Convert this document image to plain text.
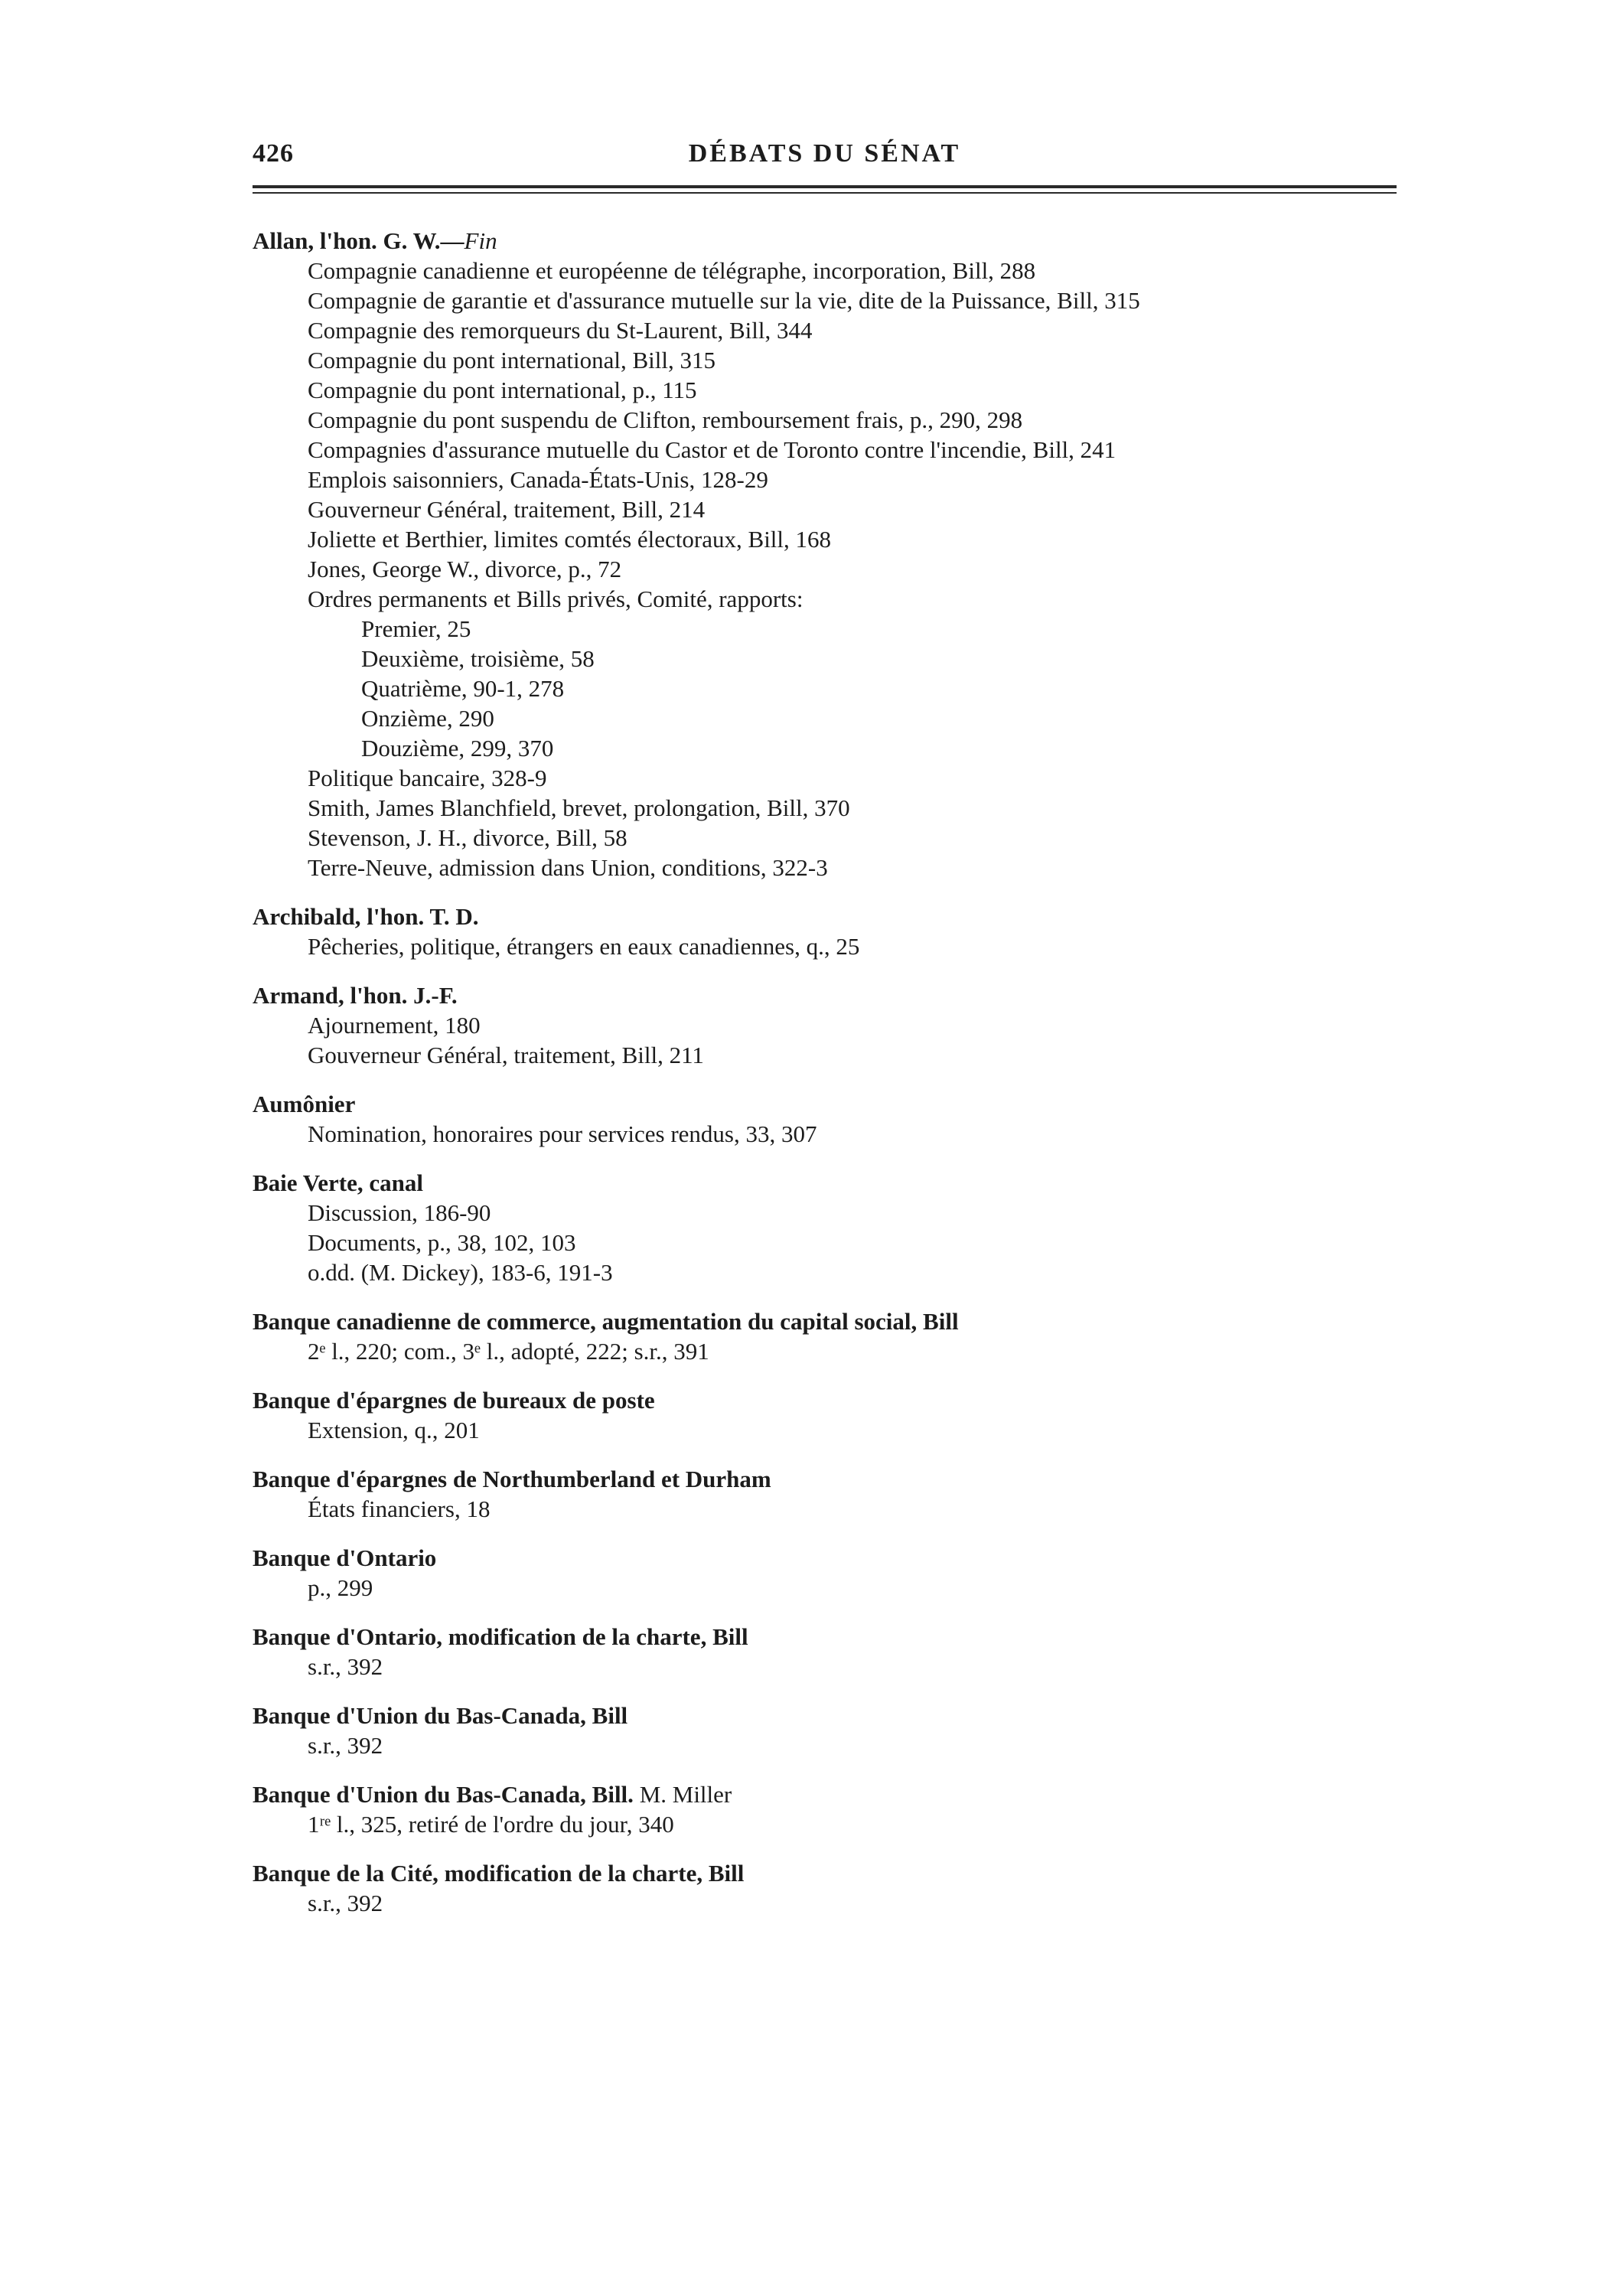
426	DÉBATS DU SÉNAT
Allan, l'hon. G. W.—Fin
Compagnie canadienne et européenne de télégraphe, incorporation, Bill, 288
Compagnie de garantie et d'assurance mutuelle sur la vie, dite de la Puissance, Bill, 315
Compagnie des remorqueurs du St-Laurent, Bill, 344
Compagnie du pont international, Bill, 315
Compagnie du pont international, p., 115
Compagnie du pont suspendu de Clifton, remboursement frais, p., 290, 298
Compagnies d'assurance mutuelle du Castor et de Toronto contre l'incendie, Bill, 241
Emplois saisonniers, Canada-États-Unis, 128-29
Gouverneur Général, traitement, Bill, 214
Joliette et Berthier, limites comtés électoraux, Bill, 168
Jones, George W., divorce, p., 72
Ordres permanents et Bills privés, Comité, rapports:
Premier, 25
Deuxième, troisième, 58
Quatrième, 90-1, 278
Onzième, 290
Douzième, 299, 370
Politique bancaire, 328-9
Smith, James Blanchfield, brevet, prolongation, Bill, 370
Stevenson, J. H., divorce, Bill, 58
Terre-Neuve, admission dans Union, conditions, 322-3
Archibald, l'hon. T. D.
Pêcheries, politique, étrangers en eaux canadiennes, q., 25
Armand, l'hon. J.-F.
Ajournement, 180
Gouverneur Général, traitement, Bill, 211
Aumônier
Nomination, honoraires pour services rendus, 33, 307
Baie Verte, canal
Discussion, 186-90
Documents, p., 38, 102, 103
o.dd. (M. Dickey), 183-6, 191-3
Banque canadienne de commerce, augmentation du capital social, Bill
2ᵉ l., 220; com., 3ᵉ l., adopté, 222; s.r., 391
Banque d'épargnes de bureaux de poste
Extension, q., 201
Banque d'épargnes de Northumberland et Durham
États financiers, 18
Banque d'Ontario
p., 299
Banque d'Ontario, modification de la charte, Bill
s.r., 392
Banque d'Union du Bas-Canada, Bill
s.r., 392
Banque d'Union du Bas-Canada, Bill. M. Miller
1ʳᵉ l., 325, retiré de l'ordre du jour, 340
Banque de la Cité, modification de la charte, Bill
s.r., 392
